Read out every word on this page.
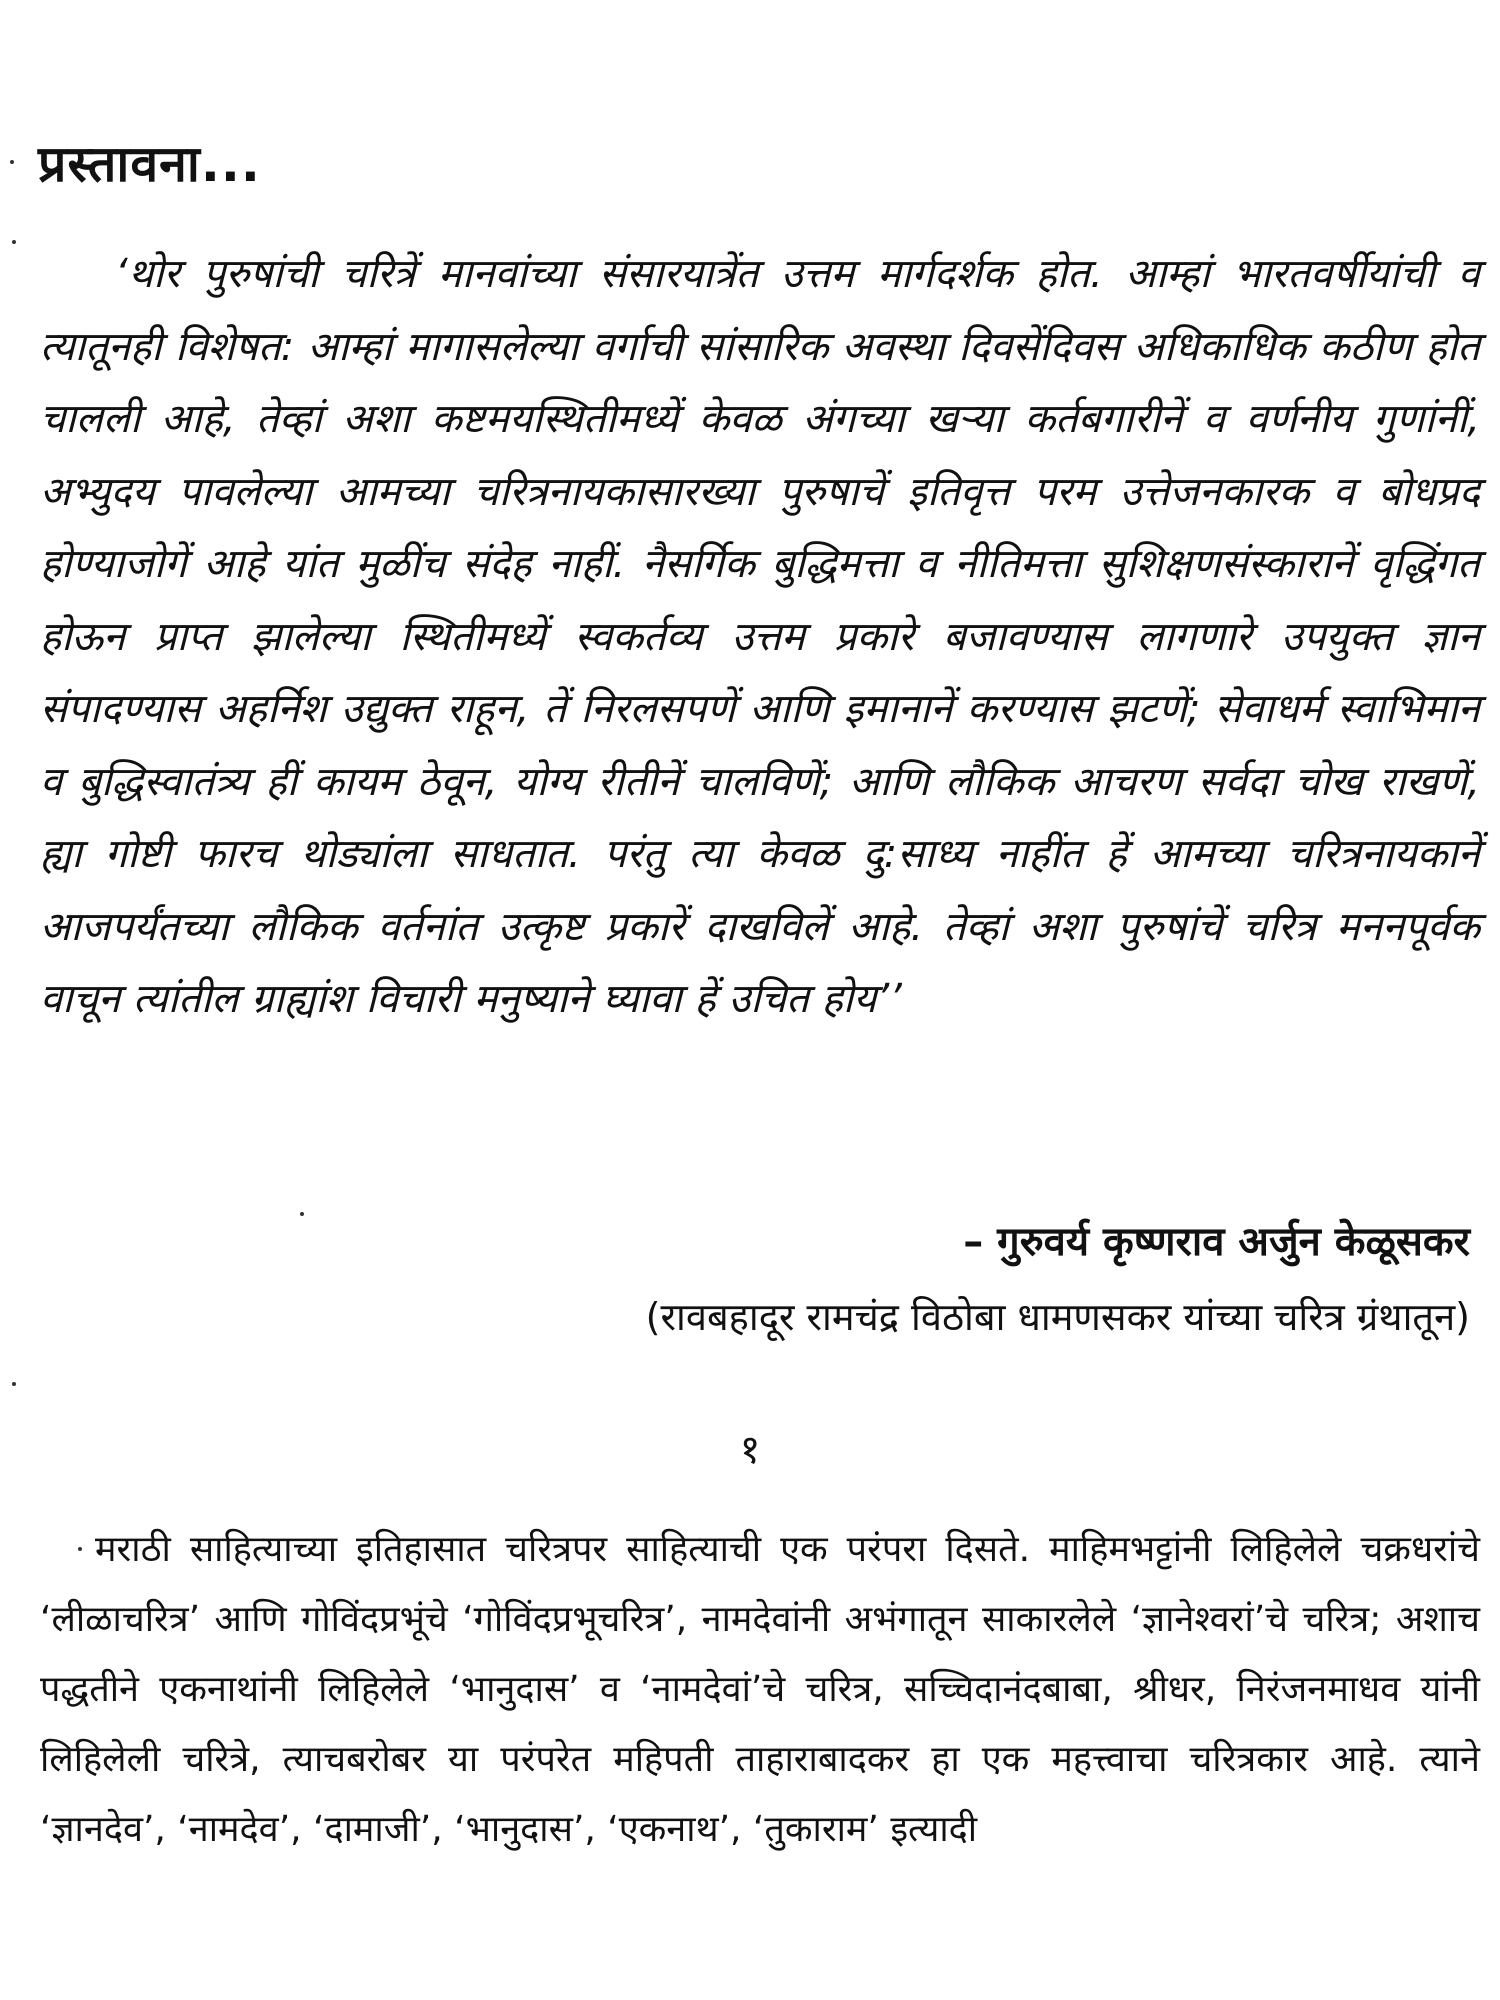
प्रस्तावना...

‘थोर पुरुषांची चरित्रें मानवांच्या संसारयात्रेंत उत्तम मार्गदर्शक होत. आम्हां भारतवर्षीयांची व त्यातूनही विशेषत: आम्हां मागासलेल्या वर्गाची सांसारिक अवस्था दिवसेंदिवस अधिकाधिक कठीण होत चालली आहे, तेव्हां अशा कष्टमयस्थितीमध्यें केवळ अंगच्या खऱ्या कर्तबगारीनें व वर्णनीय गुणांनीं, अभ्युदय पावलेल्या आमच्या चरित्रनायकासारख्या पुरुषाचें इतिवृत्त परम उत्तेजनकारक व बोधप्रद होण्याजोगें आहे यांत मुळींच संदेह नाहीं. नैसर्गिक बुद्धिमत्ता व नीतिमत्ता सुशिक्षणसंस्कारानें वृद्धिंगत होऊन प्राप्त झालेल्या स्थितीमध्यें स्वकर्तव्य उत्तम प्रकारे बजावण्यास लागणारे उपयुक्त ज्ञान संपादण्यास अहर्निश उद्युक्त राहून, तें निरलसपणें आणि इमानानें करण्यास झटणें; सेवाधर्म स्वाभिमान व बुद्धिस्वातंत्र्य हीं कायम ठेवून, योग्य रीतीनें चालविणें; आणि लौकिक आचरण सर्वदा चोख राखणें, ह्या गोष्टी फारच थोड्यांला साधतात. परंतु त्या केवळ दु:साध्य नाहींत हें आमच्या चरित्रनायकानें आजपर्यंतच्या लौकिक वर्तनांत उत्कृष्ट प्रकारें दाखविलें आहे. तेव्हां अशा पुरुषांचें चरित्र मननपूर्वक वाचून त्यांतील ग्राह्यांश विचारी मनुष्याने घ्यावा हें उचित होय’’

– गुरुवर्य कृष्णराव अर्जुन केळूसकर
(रावबहादूर रामचंद्र विठोबा धामणसकर यांच्या चरित्र ग्रंथातून)
१

मराठी साहित्याच्या इतिहासात चरित्रपर साहित्याची एक परंपरा दिसते. माहिमभट्टांनी लिहिलेले चक्रधरांचे ‘लीळाचरित्र’ आणि गोविंदप्रभूंचे ‘गोविंदप्रभूचरित्र’, नामदेवांनी अभंगातून साकारलेले ‘ज्ञानेश्वरां’चे चरित्र; अशाच पद्धतीने एकनाथांनी लिहिलेले ‘भानुदास’ व ‘नामदेवां’चे चरित्र, सच्चिदानंदबाबा, श्रीधर, निरंजनमाधव यांनी लिहिलेली चरित्रे, त्याचबरोबर या परंपरेत महिपती ताहाराबादकर हा एक महत्त्वाचा चरित्रकार आहे. त्याने ‘ज्ञानदेव’, ‘नामदेव’, ‘दामाजी’, ‘भानुदास’, ‘एकनाथ’, ‘तुकाराम’ इत्यादी
